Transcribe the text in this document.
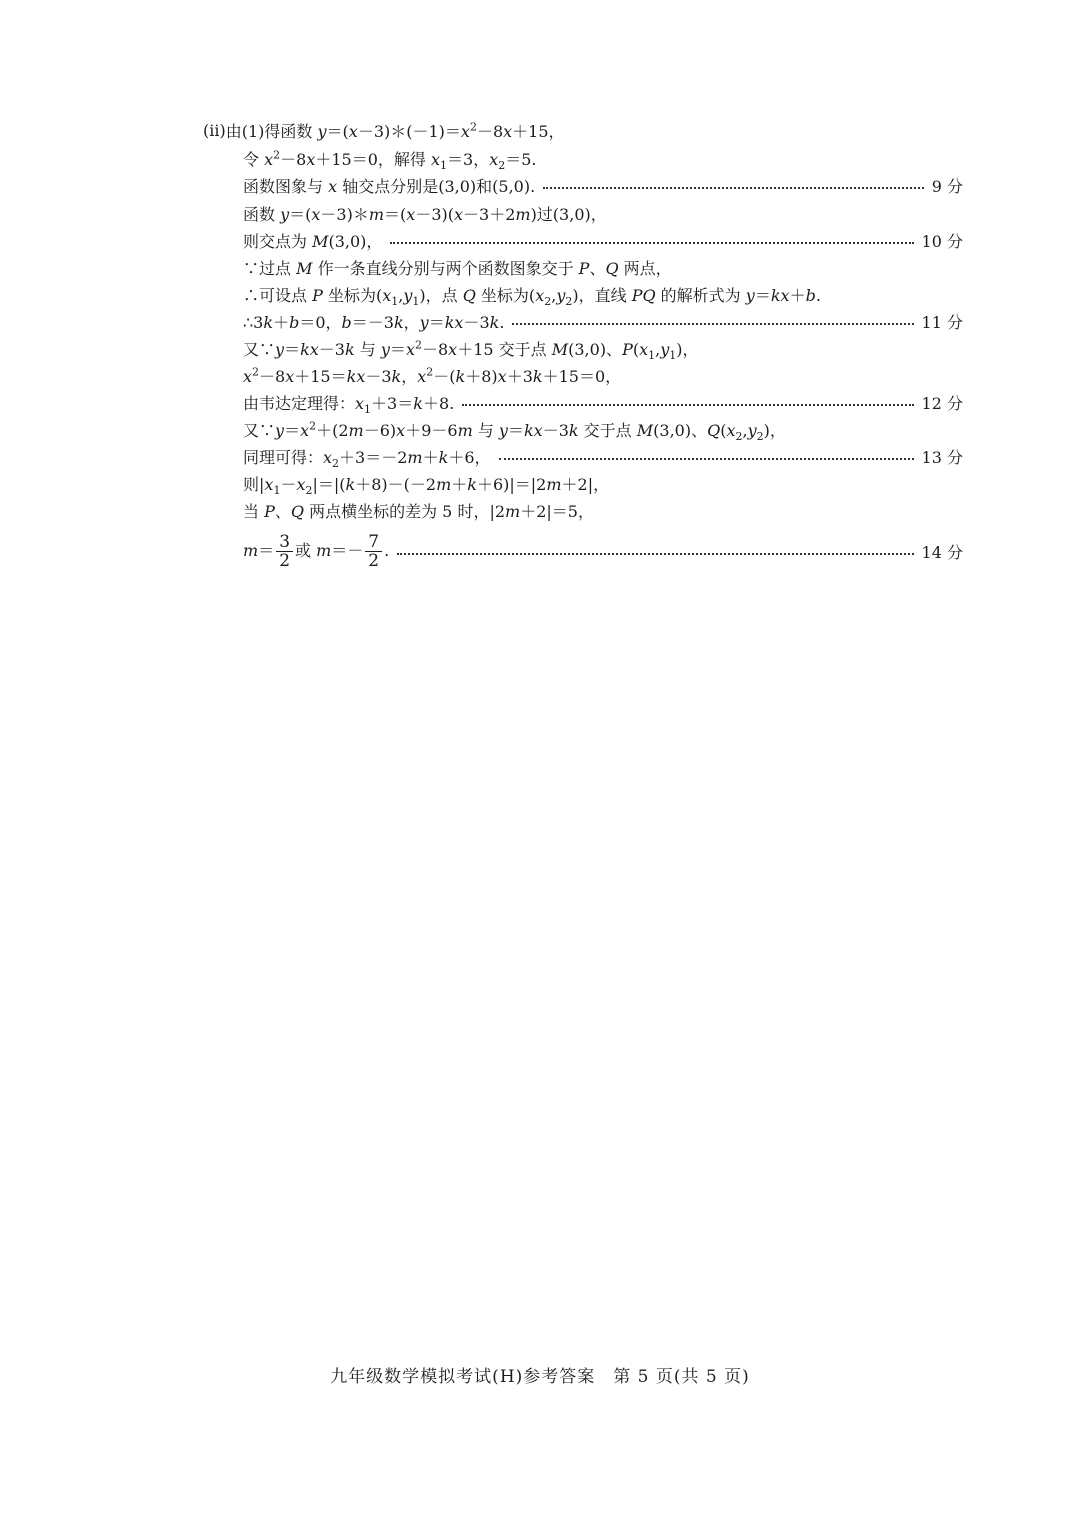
(ⅱ) 由(1)得函数 $y=(x-3)*(-1)=x^2-8x+15$，
令 $x^2-8x+15=0$，解得 $x_1=3$，$x_2=5$.
函数图象与 x 轴交点分别是(3,0)和(5,0).	9 分
函数 y＝(x－3)＊m＝(x－3)(x－3＋2m)过(3,0)，
则交点为 M(3,0)，	10 分
∵过点 M 作一条直线分别与两个函数图象交于 P、Q 两点，
∴可设点 P 坐标为$(x_1,y_1)$，点 Q 坐标为$(x_2,y_2)$，直线 PQ 的解析式为 y＝kx＋b.
∴3k＋b＝0，b＝－3k，y＝kx－3k.	11 分
又∵y＝kx－3k 与 $y=x^2-8x+15$ 交于点 M(3,0)、$P(x_1,y_1)$，
$x^2-8x+15=kx-3k$，$x^2-(k+8)x+3k+15=0$，
由韦达定理得：$x_1+3=k+8$.	12 分
又$\because y=x^2+(2m-6)x+9-6m$ 与 y＝kx－3k 交于点 M(3,0)、$Q(x_2,y_2)$，
同理可得：$x_2+3=-2m+k+6$，	13 分
则$|x_1-x_2|=|(k+8)-(-2m+k+6)|=|2m+2|$，
当 P、Q 两点横坐标的差为 5 时，|2m＋2|＝5，
$m= \frac{3}{2}$ 或 $m=- \frac{7}{2}$ .	14 分
九年级数学模拟考试(H)参考答案　第 5 页(共 5 页)
